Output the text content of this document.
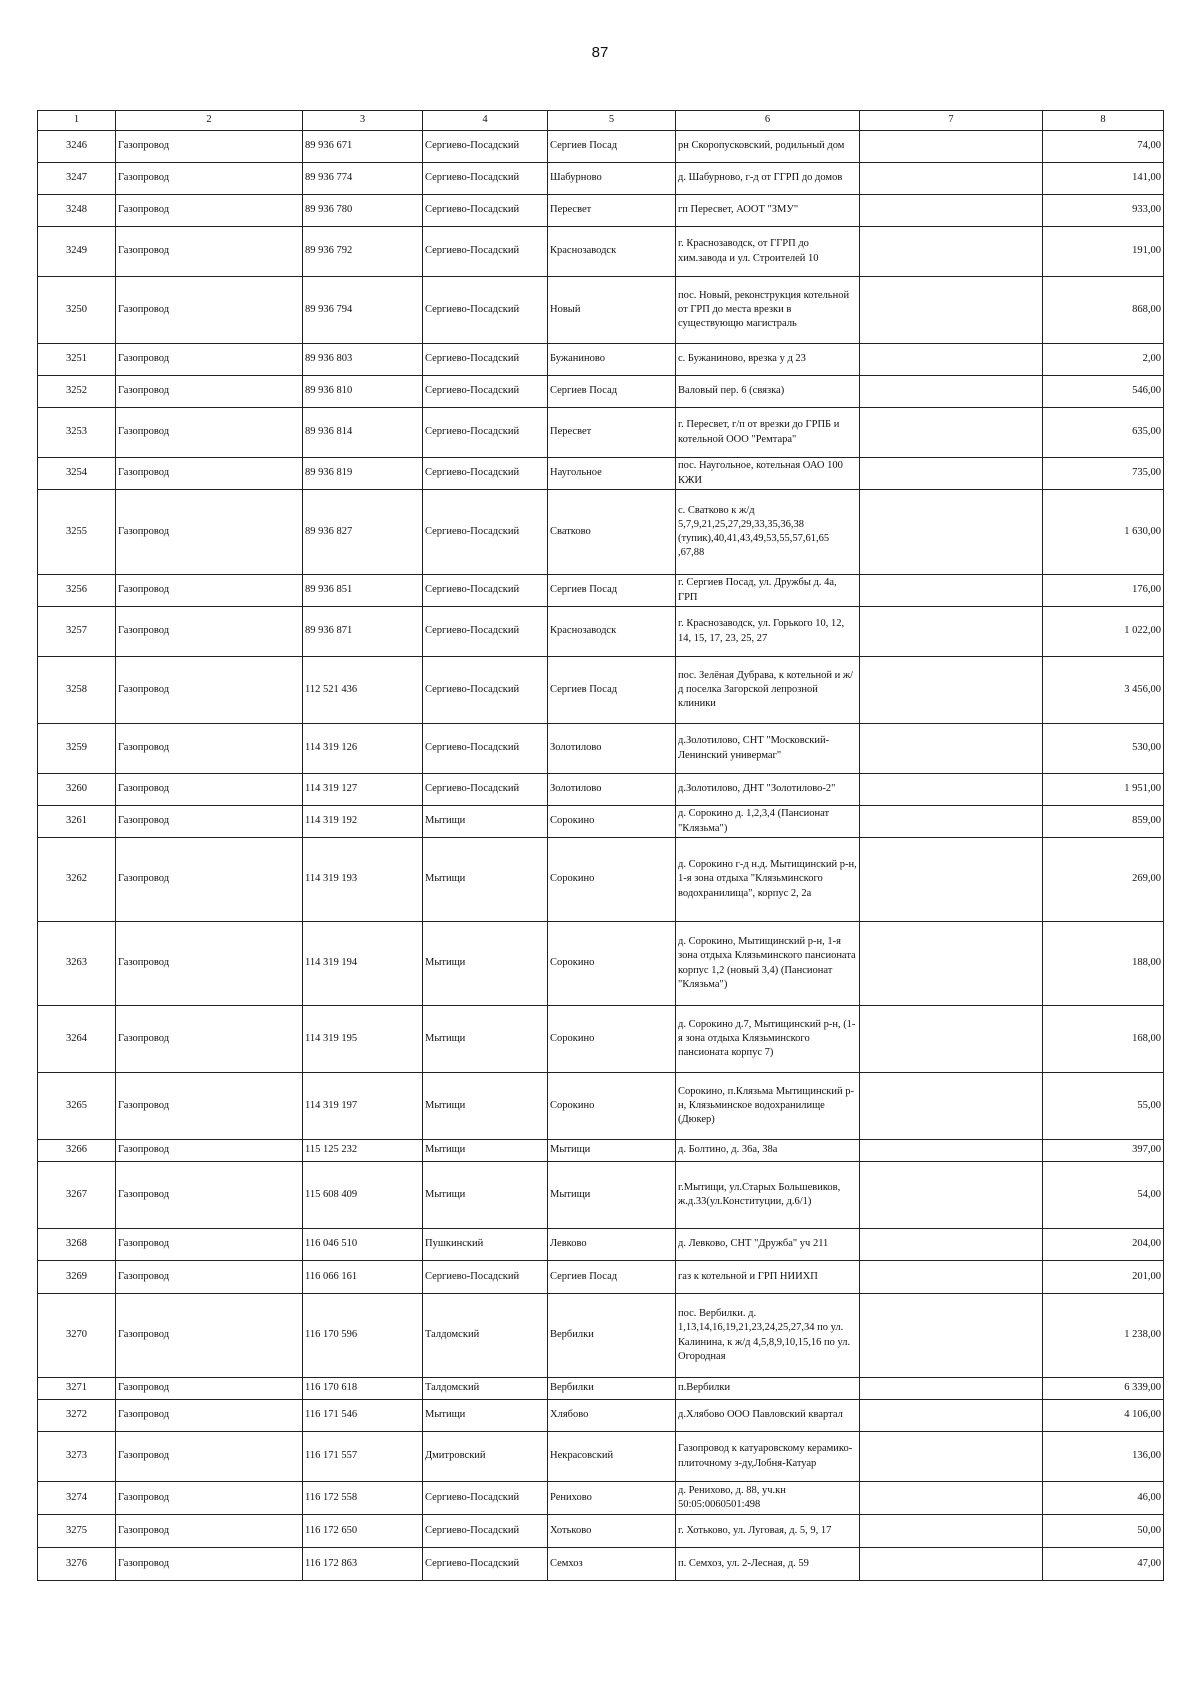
87
1	2	3	4	5	6	7	8
3246	Газопровод	89 936 671	Сергиево-Посадский	Сергиев Посад	рн Скоропусковский, родильный дом		74,00
3247	Газопровод	89 936 774	Сергиево-Посадский	Шабурново	д. Шабурново, г-д от ГГРП до домов		141,00
3248	Газопровод	89 936 780	Сергиево-Посадский	Пересвет	гп Пересвет, АООТ "ЗМУ"		933,00
3249	Газопровод	89 936 792	Сергиево-Посадский	Краснозаводск	г. Краснозаводск, от ГГРП до хим.завода и ул. Строителей 10		191,00
3250	Газопровод	89 936 794	Сергиево-Посадский	Новый	пос. Новый, реконструкция котельной от ГРП до места врезки в существующю магистраль		868,00
3251	Газопровод	89 936 803	Сергиево-Посадский	Бужаниново	с. Бужаниново, врезка у д 23		2,00
3252	Газопровод	89 936 810	Сергиево-Посадский	Сергиев Посад	Валовый пер. 6 (связка)		546,00
3253	Газопровод	89 936 814	Сергиево-Посадский	Пересвет	г. Пересвет, г/п от врезки до ГРПБ и котельной ООО "Ремтара"		635,00
3254	Газопровод	89 936 819	Сергиево-Посадский	Наугольное	пос. Наугольное, котельная ОАО 100 КЖИ		735,00
3255	Газопровод	89 936 827	Сергиево-Посадский	Сватково	с. Сватково к ж/д 5,7,9,21,25,27,29,33,35,36,38 (тупик),40,41,43,49,53,55,57,61,65 ,67,88		1 630,00
3256	Газопровод	89 936 851	Сергиево-Посадский	Сергиев Посад	г. Сергиев Посад, ул. Дружбы д. 4а, ГРП		176,00
3257	Газопровод	89 936 871	Сергиево-Посадский	Краснозаводск	г. Краснозаводск, ул. Горького 10, 12, 14, 15, 17, 23, 25, 27		1 022,00
3258	Газопровод	112 521 436	Сергиево-Посадский	Сергиев Посад	пос. Зелёная Дубрава, к котельной и ж/д поселка Загорской лепрозной клиники		3 456,00
3259	Газопровод	114 319 126	Сергиево-Посадский	Золотилово	д.Золотилово, СНТ "Московский-Ленинский универмаг"		530,00
3260	Газопровод	114 319 127	Сергиево-Посадский	Золотилово	д.Золотилово, ДНТ "Золотилово-2"		1 951,00
3261	Газопровод	114 319 192	Мытищи	Сорокино	д. Сорокино д. 1,2,3,4 (Пансионат "Клязьма")		859,00
3262	Газопровод	114 319 193	Мытищи	Сорокино	д. Сорокино г-д н.д. Мытищинский р-н, 1-я зона отдыха "Клязьминского водохранилища", корпус 2, 2а		269,00
3263	Газопровод	114 319 194	Мытищи	Сорокино	д. Сорокино, Мытищинский р-н, 1-я зона отдыха Клязьминского пансионата корпус 1,2 (новый 3,4) (Пансионат "Клязьма")		188,00
3264	Газопровод	114 319 195	Мытищи	Сорокино	д. Сорокино д.7, Мытищинский р-н, (1-я зона отдыха Клязьминского пансионата корпус 7)		168,00
3265	Газопровод	114 319 197	Мытищи	Сорокино	Сорокино, п.Клязьма Мытищинский р-н, Клязьминское водохранилище (Дюкер)		55,00
3266	Газопровод	115 125 232	Мытищи	Мытищи	д. Болтино, д. 36а, 38а		397,00
3267	Газопровод	115 608 409	Мытищи	Мытищи	г.Мытищи, ул.Старых Большевиков, ж.д.33(ул.Конституции, д.6/1)		54,00
3268	Газопровод	116 046 510	Пушкинский	Левково	д. Левково, СНТ "Дружба" уч 211		204,00
3269	Газопровод	116 066 161	Сергиево-Посадский	Сергиев Посад	газ к котельной и ГРП НИИХП		201,00
3270	Газопровод	116 170 596	Талдомский	Вербилки	пос. Вербилки. д. 1,13,14,16,19,21,23,24,25,27,34 по ул. Калинина, к ж/д 4,5,8,9,10,15,16 по ул. Огородная		1 238,00
3271	Газопровод	116 170 618	Талдомский	Вербилки	п.Вербилки		6 339,00
3272	Газопровод	116 171 546	Мытищи	Хлябово	д.Хлябово ООО Павловский квартал		4 106,00
3273	Газопровод	116 171 557	Дмитровский	Некрасовский	Газопровод к катуаровскому керамико-плиточному з-ду,Лобня-Катуар		136,00
3274	Газопровод	116 172 558	Сергиево-Посадский	Ренихово	д. Ренихово, д. 88, уч.кн 50:05:0060501:498		46,00
3275	Газопровод	116 172 650	Сергиево-Посадский	Хотьково	г. Хотьково, ул. Луговая, д. 5, 9, 17		50,00
3276	Газопровод	116 172 863	Сергиево-Посадский	Семхоз	п. Семхоз, ул. 2-Лесная, д. 59		47,00
